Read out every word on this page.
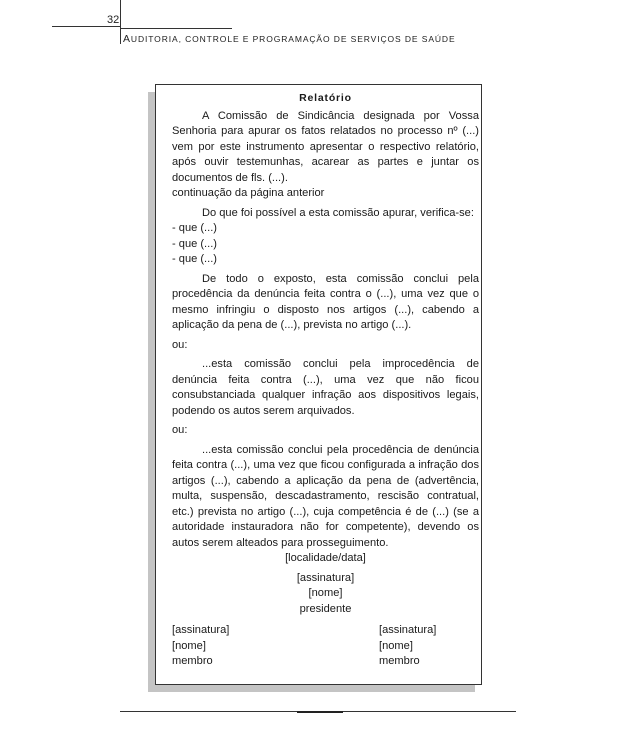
32
AUDITORIA, CONTROLE E PROGRAMAÇÃO DE SERVIÇOS DE SAÚDE

Relatório

A Comissão de Sindicância designada por Vossa Senhoria para apurar os fatos relatados no processo nº (...) vem por este instrumento apresentar o respectivo relatório, após ouvir testemunhas, acarear as partes e juntar os documentos de fls. (...).

continuação da página anterior

Do que foi possível a esta comissão apurar, verifica-se:

- que (...)

- que (...)

- que (...)

De todo o exposto, esta comissão conclui pela procedência da denúncia feita contra o (...), uma vez que o mesmo infringiu o disposto nos artigos (...), cabendo a aplicação da pena de (...), prevista no artigo (...).

ou:

...esta comissão conclui pela improcedência de denúncia feita contra (...), uma vez que não ficou consubstanciada qualquer infração aos dispositivos legais, podendo os autos serem arquivados.

ou:

...esta comissão conclui pela procedência de denúncia feita contra (...), uma vez que ficou configurada a infração dos artigos (...), cabendo a aplicação da pena de (advertência, multa, suspensão, descadastramento, rescisão contratual, etc.) prevista no artigo (...), cuja competência é de (...) (se a autoridade instauradora não for competente), devendo os autos serem alteados para prosseguimento.

[localidade/data]

[assinatura]

[nome]

presidente

[assinatura]

[nome]

membro

[assinatura]

[nome]

membro
